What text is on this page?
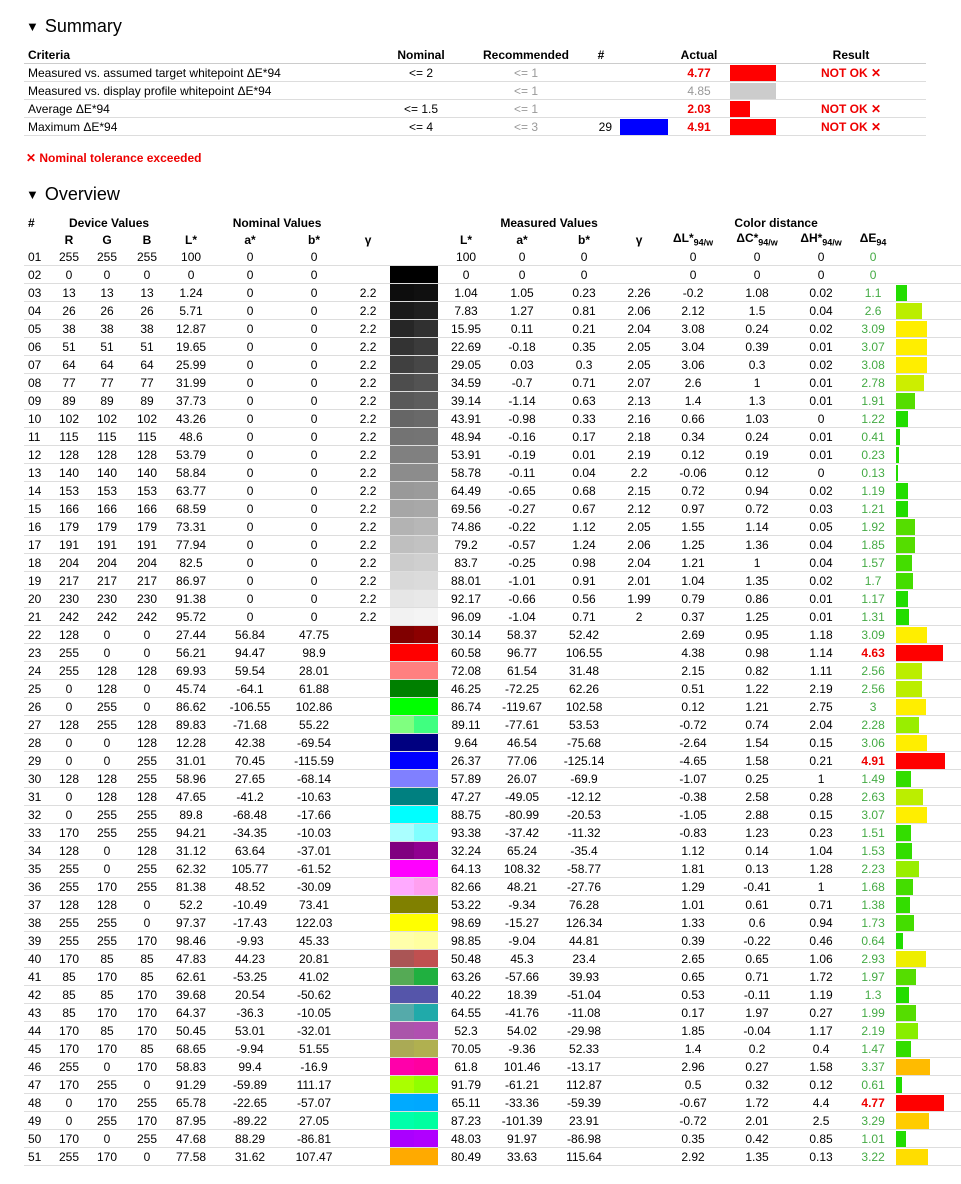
▼ Summary
Criteria	Nominal	Recommended	#		Actual		Result
Measured vs. assumed target whitepoint ΔE*94	<= 2	<= 1			4.77		NOT OK ✕
Measured vs. display profile whitepoint ΔE*94		<= 1			4.85		
Average ΔE*94	<= 1.5	<= 1			2.03		NOT OK ✕
Maximum ΔE*94	<= 4	<= 3	29		4.91		NOT OK ✕
✕ Nominal tolerance exceeded
▼ Overview
#	Device Values			Nominal Values						Measured Values				Color distance				
	R	G	B	L*	a*	b*	γ			L*	a*	b*	γ	$\Delta L*_{94/w}$	$\Delta C*_{94/w}$	$\Delta H*_{94/w}$	$\Delta E_{94}$	
01	255	255	255	100	0	0				100	0	0		0	0	0	0	
02	0	0	0	0	0	0				0	0	0		0	0	0	0	
03	13	13	13	1.24	0	0	2.2			1.04	1.05	0.23	2.26	-0.2	1.08	0.02	1.1	

04	26	26	26	5.71	0	0	2.2			7.83	1.27	0.81	2.06	2.12	1.5	0.04	2.6	

05	38	38	38	12.87	0	0	2.2			15.95	0.11	0.21	2.04	3.08	0.24	0.02	3.09	

06	51	51	51	19.65	0	0	2.2			22.69	-0.18	0.35	2.05	3.04	0.39	0.01	3.07	

07	64	64	64	25.99	0	0	2.2			29.05	0.03	0.3	2.05	3.06	0.3	0.02	3.08	

08	77	77	77	31.99	0	0	2.2			34.59	-0.7	0.71	2.07	2.6	1	0.01	2.78	

09	89	89	89	37.73	0	0	2.2			39.14	-1.14	0.63	2.13	1.4	1.3	0.01	1.91	

10	102	102	102	43.26	0	0	2.2			43.91	-0.98	0.33	2.16	0.66	1.03	0	1.22	

11	115	115	115	48.6	0	0	2.2			48.94	-0.16	0.17	2.18	0.34	0.24	0.01	0.41	

12	128	128	128	53.79	0	0	2.2			53.91	-0.19	0.01	2.19	0.12	0.19	0.01	0.23	

13	140	140	140	58.84	0	0	2.2			58.78	-0.11	0.04	2.2	-0.06	0.12	0	0.13	

14	153	153	153	63.77	0	0	2.2			64.49	-0.65	0.68	2.15	0.72	0.94	0.02	1.19	

15	166	166	166	68.59	0	0	2.2			69.56	-0.27	0.67	2.12	0.97	0.72	0.03	1.21	

16	179	179	179	73.31	0	0	2.2			74.86	-0.22	1.12	2.05	1.55	1.14	0.05	1.92	

17	191	191	191	77.94	0	0	2.2			79.2	-0.57	1.24	2.06	1.25	1.36	0.04	1.85	

18	204	204	204	82.5	0	0	2.2			83.7	-0.25	0.98	2.04	1.21	1	0.04	1.57	

19	217	217	217	86.97	0	0	2.2			88.01	-1.01	0.91	2.01	1.04	1.35	0.02	1.7	

20	230	230	230	91.38	0	0	2.2			92.17	-0.66	0.56	1.99	0.79	0.86	0.01	1.17	

21	242	242	242	95.72	0	0	2.2			96.09	-1.04	0.71	2	0.37	1.25	0.01	1.31	

22	128	0	0	27.44	56.84	47.75				30.14	58.37	52.42		2.69	0.95	1.18	3.09	

23	255	0	0	56.21	94.47	98.9				60.58	96.77	106.55		4.38	0.98	1.14	4.63	

24	255	128	128	69.93	59.54	28.01				72.08	61.54	31.48		2.15	0.82	1.11	2.56	

25	0	128	0	45.74	-64.1	61.88				46.25	-72.25	62.26		0.51	1.22	2.19	2.56	

26	0	255	0	86.62	-106.55	102.86				86.74	-119.67	102.58		0.12	1.21	2.75	3	

27	128	255	128	89.83	-71.68	55.22				89.11	-77.61	53.53		-0.72	0.74	2.04	2.28	

28	0	0	128	12.28	42.38	-69.54				9.64	46.54	-75.68		-2.64	1.54	0.15	3.06	

29	0	0	255	31.01	70.45	-115.59				26.37	77.06	-125.14		-4.65	1.58	0.21	4.91	

30	128	128	255	58.96	27.65	-68.14				57.89	26.07	-69.9		-1.07	0.25	1	1.49	

31	0	128	128	47.65	-41.2	-10.63				47.27	-49.05	-12.12		-0.38	2.58	0.28	2.63	

32	0	255	255	89.8	-68.48	-17.66				88.75	-80.99	-20.53		-1.05	2.88	0.15	3.07	

33	170	255	255	94.21	-34.35	-10.03				93.38	-37.42	-11.32		-0.83	1.23	0.23	1.51	

34	128	0	128	31.12	63.64	-37.01				32.24	65.24	-35.4		1.12	0.14	1.04	1.53	

35	255	0	255	62.32	105.77	-61.52				64.13	108.32	-58.77		1.81	0.13	1.28	2.23	

36	255	170	255	81.38	48.52	-30.09				82.66	48.21	-27.76		1.29	-0.41	1	1.68	

37	128	128	0	52.2	-10.49	73.41				53.22	-9.34	76.28		1.01	0.61	0.71	1.38	

38	255	255	0	97.37	-17.43	122.03				98.69	-15.27	126.34		1.33	0.6	0.94	1.73	

39	255	255	170	98.46	-9.93	45.33				98.85	-9.04	44.81		0.39	-0.22	0.46	0.64	

40	170	85	85	47.83	44.23	20.81				50.48	45.3	23.4		2.65	0.65	1.06	2.93	

41	85	170	85	62.61	-53.25	41.02				63.26	-57.66	39.93		0.65	0.71	1.72	1.97	

42	85	85	170	39.68	20.54	-50.62				40.22	18.39	-51.04		0.53	-0.11	1.19	1.3	

43	85	170	170	64.37	-36.3	-10.05				64.55	-41.76	-11.08		0.17	1.97	0.27	1.99	

44	170	85	170	50.45	53.01	-32.01				52.3	54.02	-29.98		1.85	-0.04	1.17	2.19	

45	170	170	85	68.65	-9.94	51.55				70.05	-9.36	52.33		1.4	0.2	0.4	1.47	

46	255	0	170	58.83	99.4	-16.9				61.8	101.46	-13.17		2.96	0.27	1.58	3.37	

47	170	255	0	91.29	-59.89	111.17				91.79	-61.21	112.87		0.5	0.32	0.12	0.61	

48	0	170	255	65.78	-22.65	-57.07				65.11	-33.36	-59.39		-0.67	1.72	4.4	4.77	

49	0	255	170	87.95	-89.22	27.05				87.23	-101.39	23.91		-0.72	2.01	2.5	3.29	

50	170	0	255	47.68	88.29	-86.81				48.03	91.97	-86.98		0.35	0.42	0.85	1.01	

51	255	170	0	77.58	31.62	107.47				80.49	33.63	115.64		2.92	1.35	0.13	3.22	
